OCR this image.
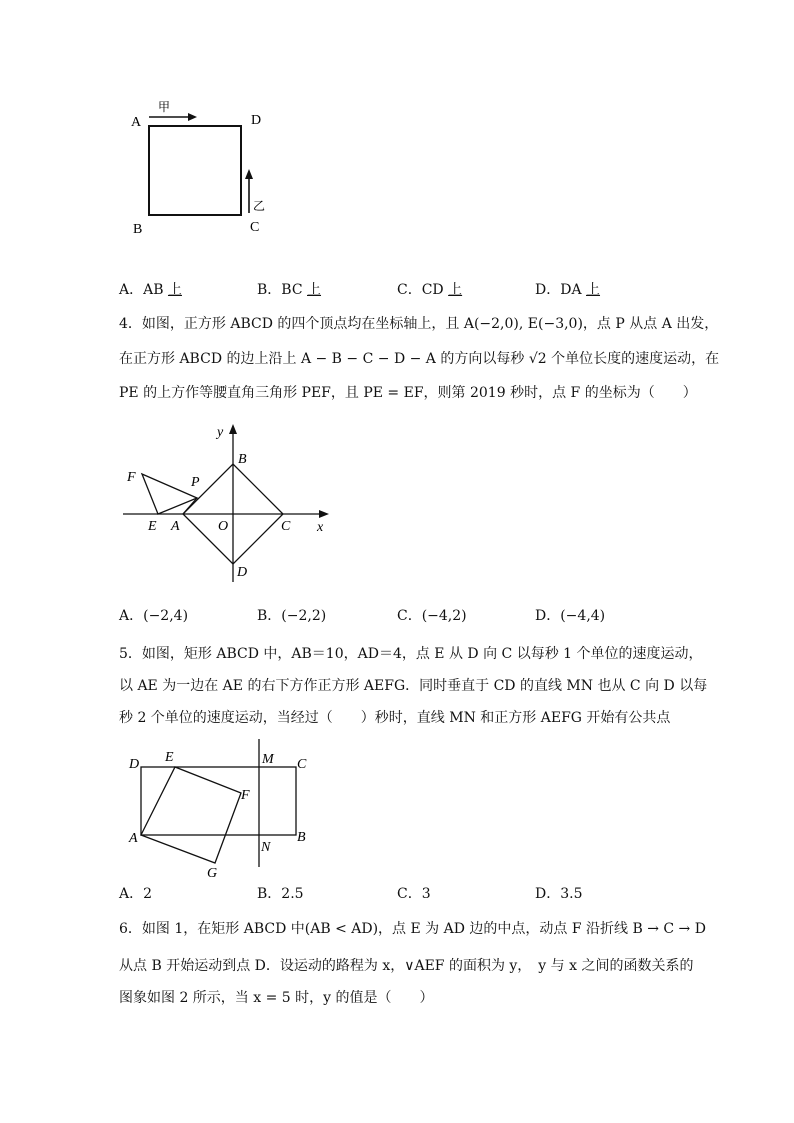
甲
乙
A	D
B	C
A．AB 上	B．BC 上	C．CD 上	D．DA 上
4．如图，正方形 ABCD 的四个顶点均在坐标轴上，且 A(−2,0), E(−3,0)，点 P 从点 A 出发，
在正方形 ABCD 的边上沿上 A − B − C − D − A 的方向以每秒 √2 个单位长度的速度运动，在
PE 的上方作等腰直角三角形 PEF，且 PE = EF，则第 2019 秒时，点 F 的坐标为（　　）
y
x
B
F	P
E A	O	C
D
A．(−2,4)	B．(−2,2)	C．(−4,2)	D．(−4,4)
5．如图，矩形 ABCD 中，AB＝10，AD＝4，点 E 从 D 向 C 以每秒 1 个单位的速度运动，
以 AE 为一边在 AE 的右下方作正方形 AEFG．同时垂直于 CD 的直线 MN 也从 C 向 D 以每
秒 2 个单位的速度运动，当经过（　　）秒时，直线 MN 和正方形 AEFG 开始有公共点
D E	M C
F
A	B
N
G
A．2	B．2.5	C．3	D．3.5
6．如图 1，在矩形 ABCD 中(AB < AD)，点 E 为 AD 边的中点，动点 F 沿折线 B → C → D
从点 B 开始运动到点 D．设运动的路程为 x，∨AEF 的面积为 y，　y 与 x 之间的函数关系的
图象如图 2 所示，当 x = 5 时，y 的值是（　　）
